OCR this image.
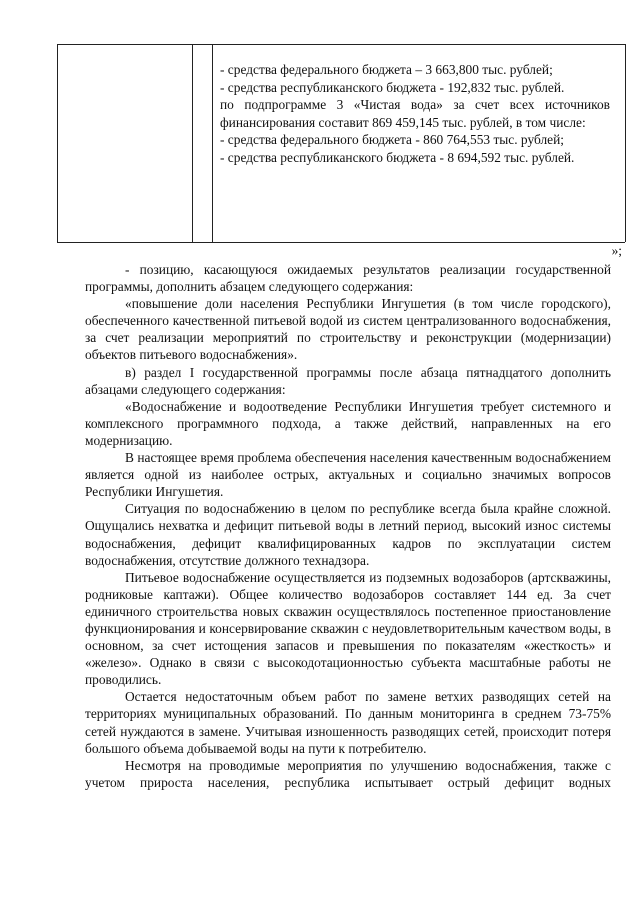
- средства федерального бюджета – 3 663,800 тыс. рублей;

- средства республиканского бюджета - 192,832 тыс. рублей.

по подпрограмме 3 «Чистая вода» за счет всех источников финансирования составит 869 459,145 тыс. рублей, в том числе:

- средства федерального бюджета - 860 764,553 тыс. рублей;

- средства республиканского бюджета - 8 694,592 тыс. рублей.

»;

- позицию, касающуюся ожидаемых результатов реализации государственной программы, дополнить абзацем следующего содержания:

«повышение доли населения Республики Ингушетия (в том числе городского), обеспеченного качественной питьевой водой из систем централизованного водоснабжения, за счет реализации мероприятий по строительству и реконструкции (модернизации) объектов питьевого водоснабжения».

в) раздел I государственной программы после абзаца пятнадцатого дополнить абзацами следующего содержания:

«Водоснабжение и водоотведение Республики Ингушетия требует системного и комплексного программного подхода, а также действий, направленных на его модернизацию.

В настоящее время проблема обеспечения населения качественным водоснабжением является одной из наиболее острых, актуальных и социально значимых вопросов Республики Ингушетия.

Ситуация по водоснабжению в целом по республике всегда была крайне сложной. Ощущались нехватка и дефицит питьевой воды в летний период, высокий износ системы водоснабжения, дефицит квалифицированных кадров по эксплуатации систем водоснабжения, отсутствие должного технадзора.

Питьевое водоснабжение осуществляется из подземных водозаборов (артскважины, родниковые каптажи). Общее количество водозаборов составляет 144 ед. За счет единичного строительства новых скважин осуществлялось постепенное приостановление функционирования и консервирование скважин с неудовлетворительным качеством воды, в основном, за счет истощения запасов и превышения по показателям «жесткость» и «железо». Однако в связи с высокодотационностью субъекта масштабные работы не проводились.

Остается недостаточным объем работ по замене ветхих разводящих сетей на территориях муниципальных образований. По данным мониторинга в среднем 73-75% сетей нуждаются в замене. Учитывая изношенность разводящих сетей, происходит потеря большого объема добываемой воды на пути к потребителю.

Несмотря на проводимые мероприятия по улучшению водоснабжения, также с учетом прироста населения, республика испытывает острый дефицит водных
